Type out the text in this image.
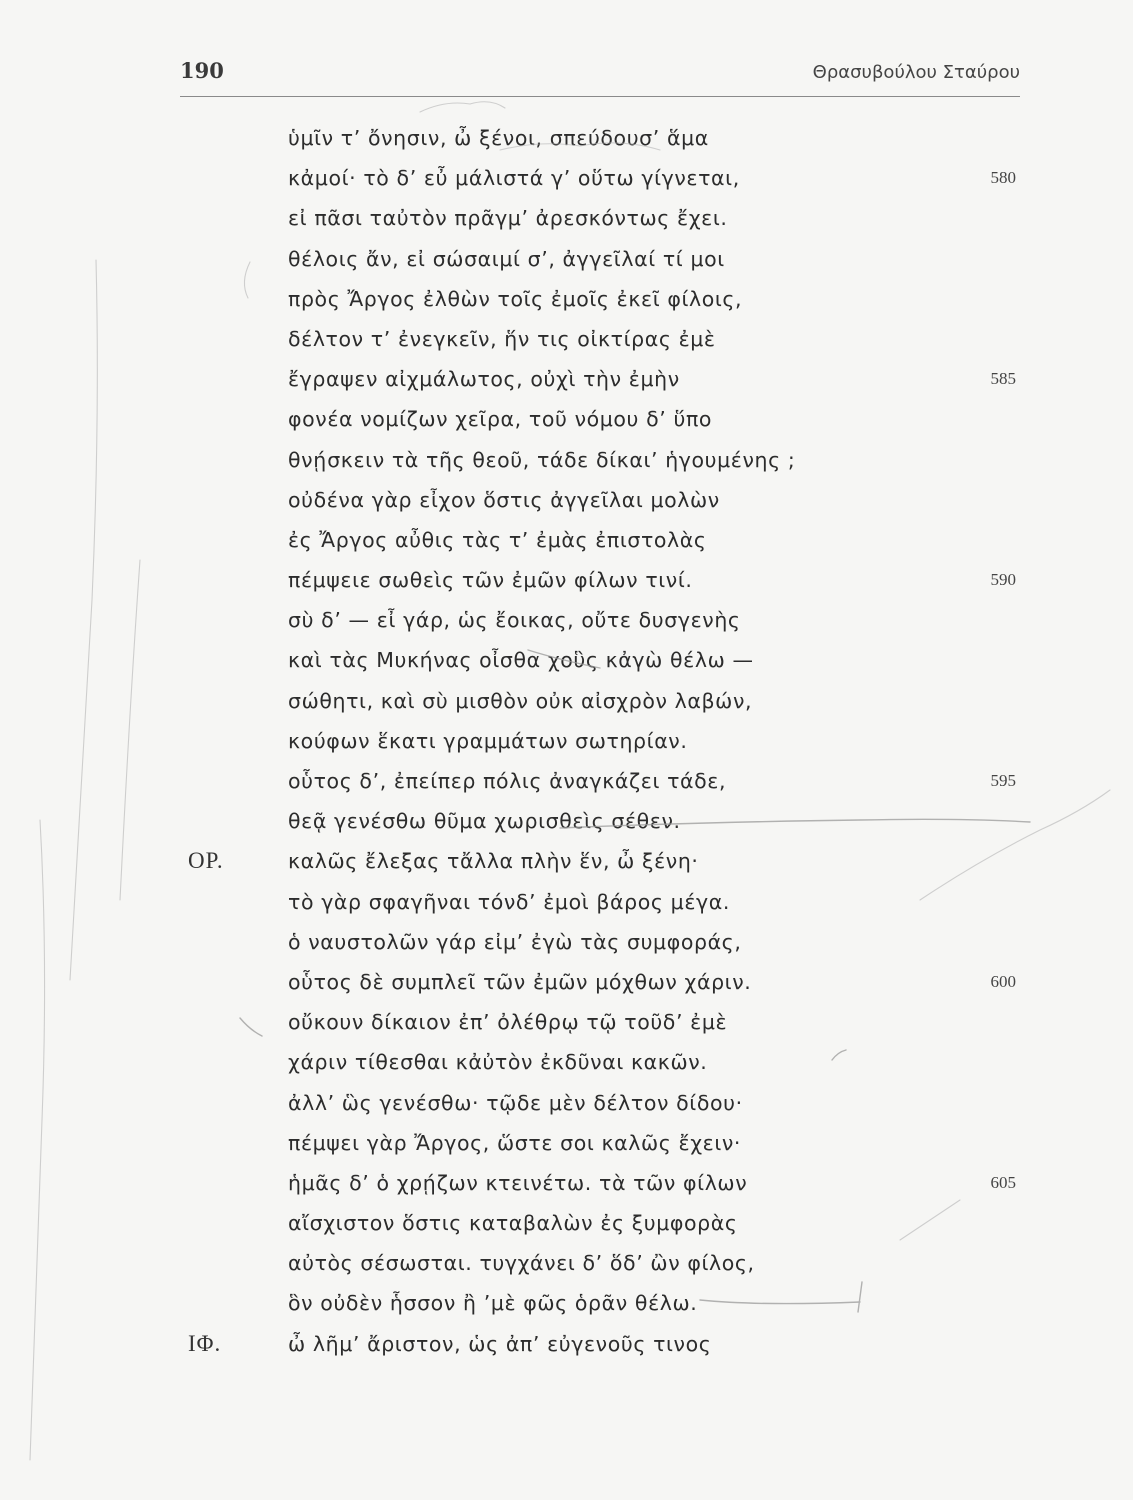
190	Θρασυβούλου Σταύρου
ὑμῖν τ’ ὄνησιν, ὦ ξένοι, σπεύδουσ’ ἅμα
κἀμοί· τὸ δ’ εὖ μάλιστά γ’ οὕτω γίγνεται,	580
εἰ πᾶσι ταὐτὸν πρᾶγμ’ ἀρεσκόντως ἔχει.
θέλοις ἄν, εἰ σώσαιμί σ’, ἀγγεῖλαί τί μοι
πρὸς Ἄργος ἐλθὼν τοῖς ἐμοῖς ἐκεῖ φίλοις,
δέλτον τ’ ἐνεγκεῖν, ἥν τις οἰκτίρας ἐμὲ
ἔγραψεν αἰχμάλωτος, οὐχὶ τὴν ἐμὴν	585
φονέα νομίζων χεῖρα, τοῦ νόμου δ’ ὕπο
θνῄσκειν τὰ τῆς θεοῦ, τάδε δίκαι’ ἡγουμένης ;
οὐδένα γὰρ εἶχον ὅστις ἀγγεῖλαι μολὼν
ἐς Ἄργος αὖθις τὰς τ’ ἐμὰς ἐπιστολὰς
πέμψειε σωθεὶς τῶν ἐμῶν φίλων τινί.	590
σὺ δ’ — εἶ γάρ, ὡς ἔοικας, οὔτε δυσγενὴς
καὶ τὰς Μυκήνας οἶσθα χοὓς κἀγὼ θέλω —
σώθητι, καὶ σὺ μισθὸν οὐκ αἰσχρὸν λαβών,
κούφων ἕκατι γραμμάτων σωτηρίαν.
οὗτος δ’, ἐπείπερ πόλις ἀναγκάζει τάδε,	595
θεᾷ γενέσθω θῦμα χωρισθεὶς σέθεν.
ΟΡ.	καλῶς ἔλεξας τἄλλα πλὴν ἕν, ὦ ξένη·
τὸ γὰρ σφαγῆναι τόνδ’ ἐμοὶ βάρος μέγα.
ὁ ναυστολῶν γάρ εἰμ’ ἐγὼ τὰς συμφοράς,
οὗτος δὲ συμπλεῖ τῶν ἐμῶν μόχθων χάριν.	600
οὔκουν δίκαιον ἐπ’ ὀλέθρῳ τῷ τοῦδ’ ἐμὲ
χάριν τίθεσθαι κἀὐτὸν ἐκδῦναι κακῶν.
ἀλλ’ ὣς γενέσθω· τῷδε μὲν δέλτον δίδου·
πέμψει γὰρ Ἄργος, ὥστε σοι καλῶς ἔχειν·
ἡμᾶς δ’ ὁ χρῄζων κτεινέτω. τὰ τῶν φίλων	605
αἴσχιστον ὅστις καταβαλὼν ἐς ξυμφορὰς
αὐτὸς σέσωσται. τυγχάνει δ’ ὅδ’ ὢν φίλος,
ὃν οὐδὲν ἧσσον ἢ ’μὲ φῶς ὁρᾶν θέλω.
ΙΦ.	ὦ λῆμ’ ἄριστον, ὡς ἀπ’ εὐγενοῦς τινος
